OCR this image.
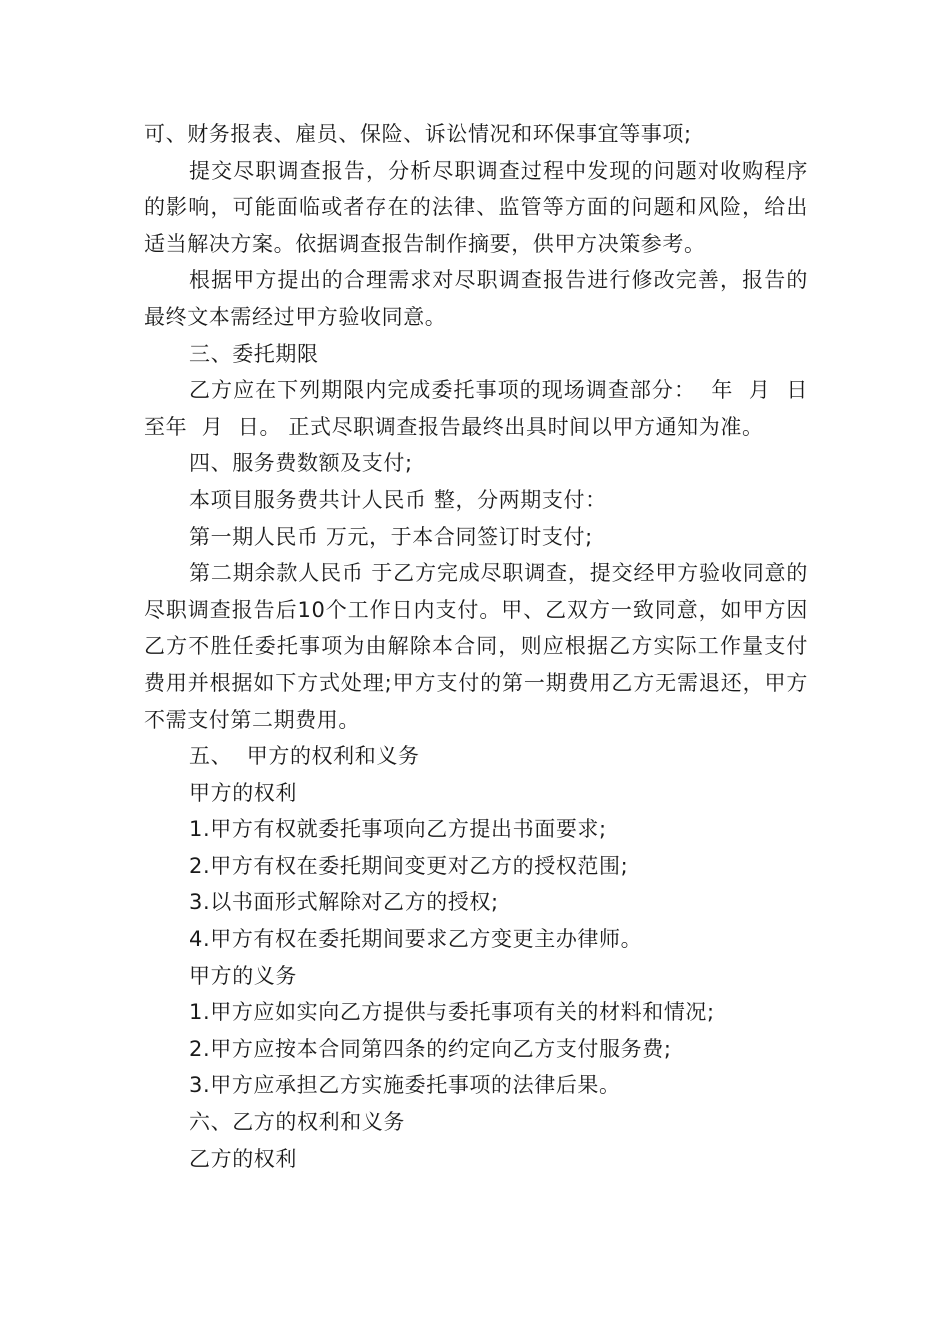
可、财务报表、雇员、保险、诉讼情况和环保事宜等事项;

提交尽职调查报告，分析尽职调查过程中发现的问题对收购程序的影响，可能面临或者存在的法律、监管等方面的问题和风险，给出适当解决方案。依据调查报告制作摘要，供甲方决策参考。

根据甲方提出的合理需求对尽职调查报告进行修改完善，报告的最终文本需经过甲方验收同意。

三、委托期限

乙方应在下列期限内完成委托事项的现场调查部分：  年  月  日至年  月  日。 正式尽职调查报告最终出具时间以甲方通知为准。

四、服务费数额及支付;

本项目服务费共计人民币 整，分两期支付：

第一期人民币 万元，于本合同签订时支付;

第二期余款人民币 于乙方完成尽职调查，提交经甲方验收同意的尽职调查报告后10个工作日内支付。甲、乙双方一致同意，如甲方因乙方不胜任委托事项为由解除本合同，则应根据乙方实际工作量支付费用并根据如下方式处理;甲方支付的第一期费用乙方无需退还，甲方不需支付第二期费用。

五、  甲方的权利和义务

甲方的权利

1.甲方有权就委托事项向乙方提出书面要求;

2.甲方有权在委托期间变更对乙方的授权范围;

3.以书面形式解除对乙方的授权;

4.甲方有权在委托期间要求乙方变更主办律师。

甲方的义务

1.甲方应如实向乙方提供与委托事项有关的材料和情况;

2.甲方应按本合同第四条的约定向乙方支付服务费;

3.甲方应承担乙方实施委托事项的法律后果。

六、乙方的权利和义务

乙方的权利
